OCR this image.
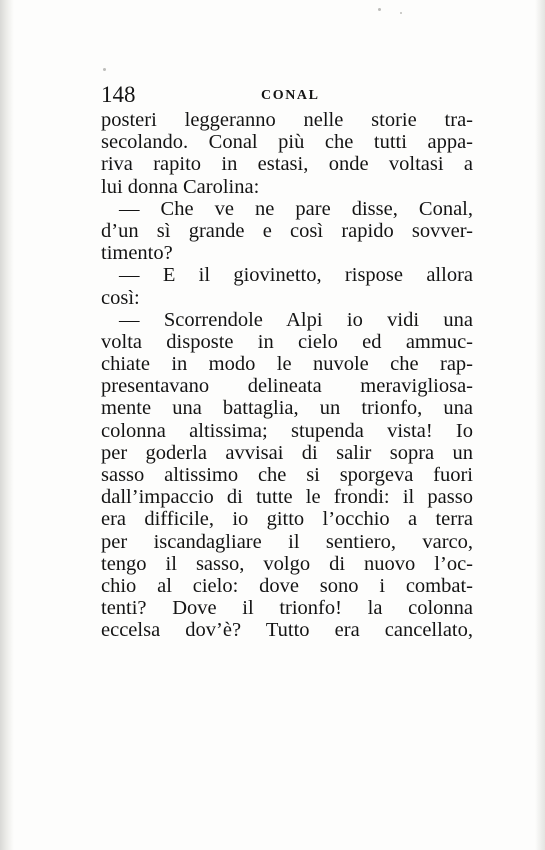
148	CONAL
posteri leggeranno nelle storie tra-
secolando. Conal più che tutti appa-
riva rapito in estasi, onde voltasi a
lui donna Carolina:
— Che ve ne pare disse, Conal,
d’un sì grande e così rapido sovver-
timento?
— E il giovinetto, rispose allora
così:
— Scorrendole Alpi io vidi una
volta disposte in cielo ed ammuc-
chiate in modo le nuvole che rap-
presentavano delineata meravigliosa-
mente una battaglia, un trionfo, una
colonna altissima; stupenda vista! Io
per goderla avvisai di salir sopra un
sasso altissimo che si sporgeva fuori
dall’impaccio di tutte le frondi: il passo
era difficile, io gitto l’occhio a terra
per iscandagliare il sentiero, varco,
tengo il sasso, volgo di nuovo l’oc-
chio al cielo: dove sono i combat-
tenti? Dove il trionfo! la colonna
eccelsa dov’è? Tutto era cancellato,
